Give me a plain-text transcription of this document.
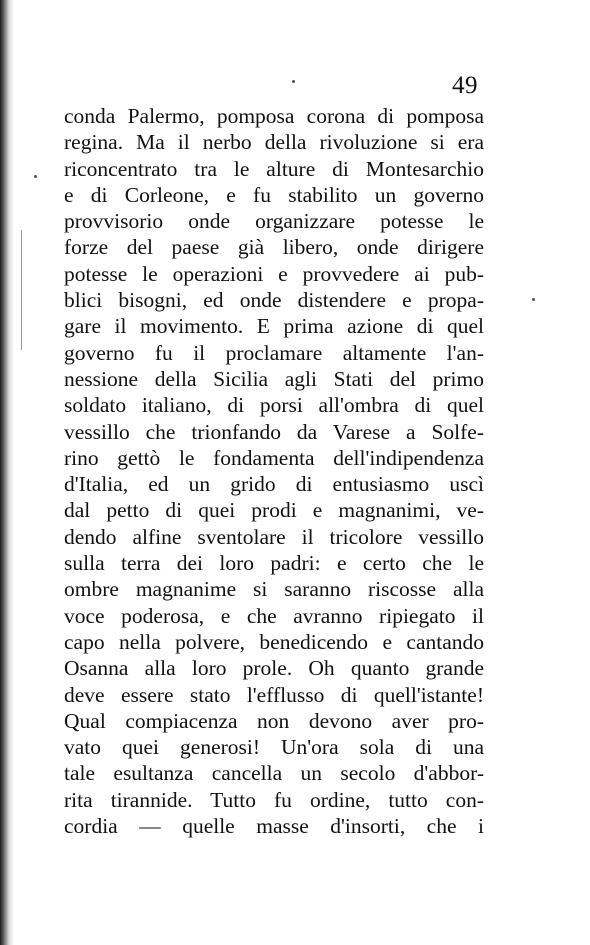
49
conda Palermo, pomposa corona di pomposa
regina. Ma il nerbo della rivoluzione si era
riconcentrato tra le alture di Montesarchio
e di Corleone, e fu stabilito un governo
provvisorio onde organizzare potesse le
forze del paese già libero, onde dirigere
potesse le operazioni e provvedere ai pub-
blici bisogni, ed onde distendere e propa-
gare il movimento. E prima azione di quel
governo fu il proclamare altamente l'an-
nessione della Sicilia agli Stati del primo
soldato italiano, di porsi all'ombra di quel
vessillo che trionfando da Varese a Solfe-
rino gettò le fondamenta dell'indipendenza
d'Italia, ed un grido di entusiasmo uscì
dal petto di quei prodi e magnanimi, ve-
dendo alfine sventolare il tricolore vessillo
sulla terra dei loro padri: e certo che le
ombre magnanime si saranno riscosse alla
voce poderosa, e che avranno ripiegato il
capo nella polvere, benedicendo e cantando
Osanna alla loro prole. Oh quanto grande
deve essere stato l'efflusso di quell'istante!
Qual compiacenza non devono aver pro-
vato quei generosi! Un'ora sola di una
tale esultanza cancella un secolo d'abbor-
rita tirannide. Tutto fu ordine, tutto con-
cordia — quelle masse d'insorti, che i
